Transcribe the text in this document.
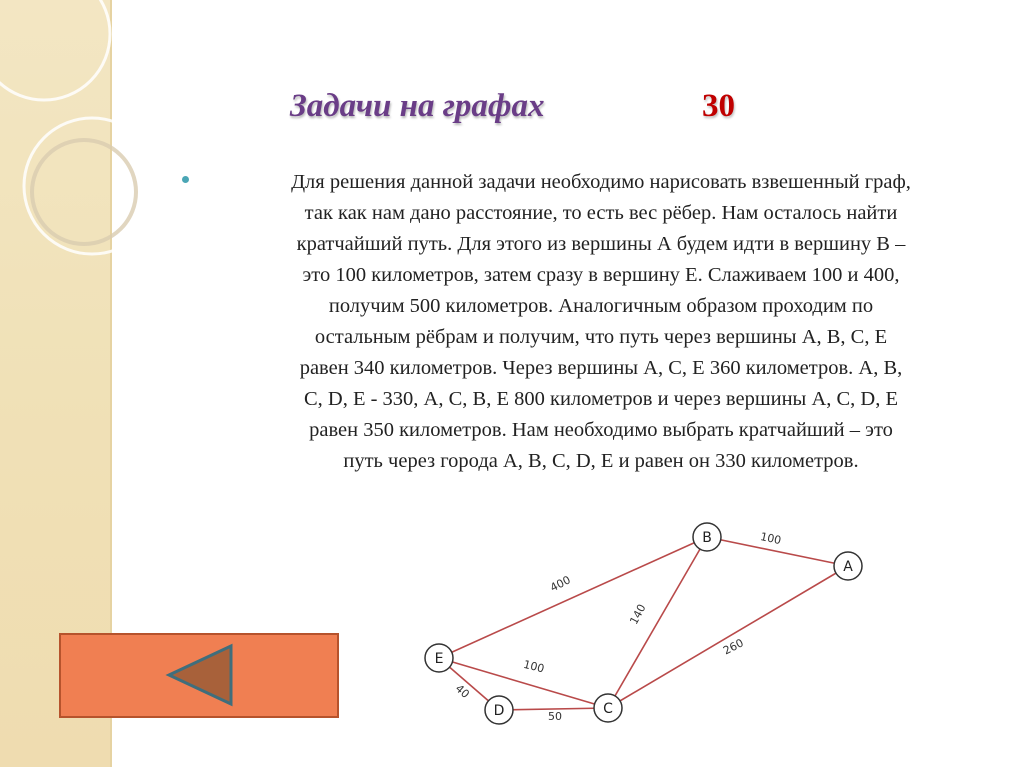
Задачи на графах	30
Для решения данной задачи необходимо нарисовать взвешенный граф,
так как нам дано расстояние, то есть вес рёбер. Нам осталось найти
кратчайший путь. Для этого из вершины А будем идти в вершину В –
это 100 километров, затем сразу в вершину Е. Слаживаем 100 и 400,
получим 500 километров. Аналогичным образом проходим по
остальным рёбрам и получим, что путь через вершины А, В, С, Е
равен 340 километров. Через вершины А, С, Е 360 километров. А, В,
C, D, E - 330, А, С, В, Е 800 километров и через вершины А, С, D, E
равен 350 километров. Нам необходимо выбрать кратчайший – это
путь через города А, В, С, D, E и равен он 330 километров.
100
400
140
260
100
40
50
B
A
E
D	C
